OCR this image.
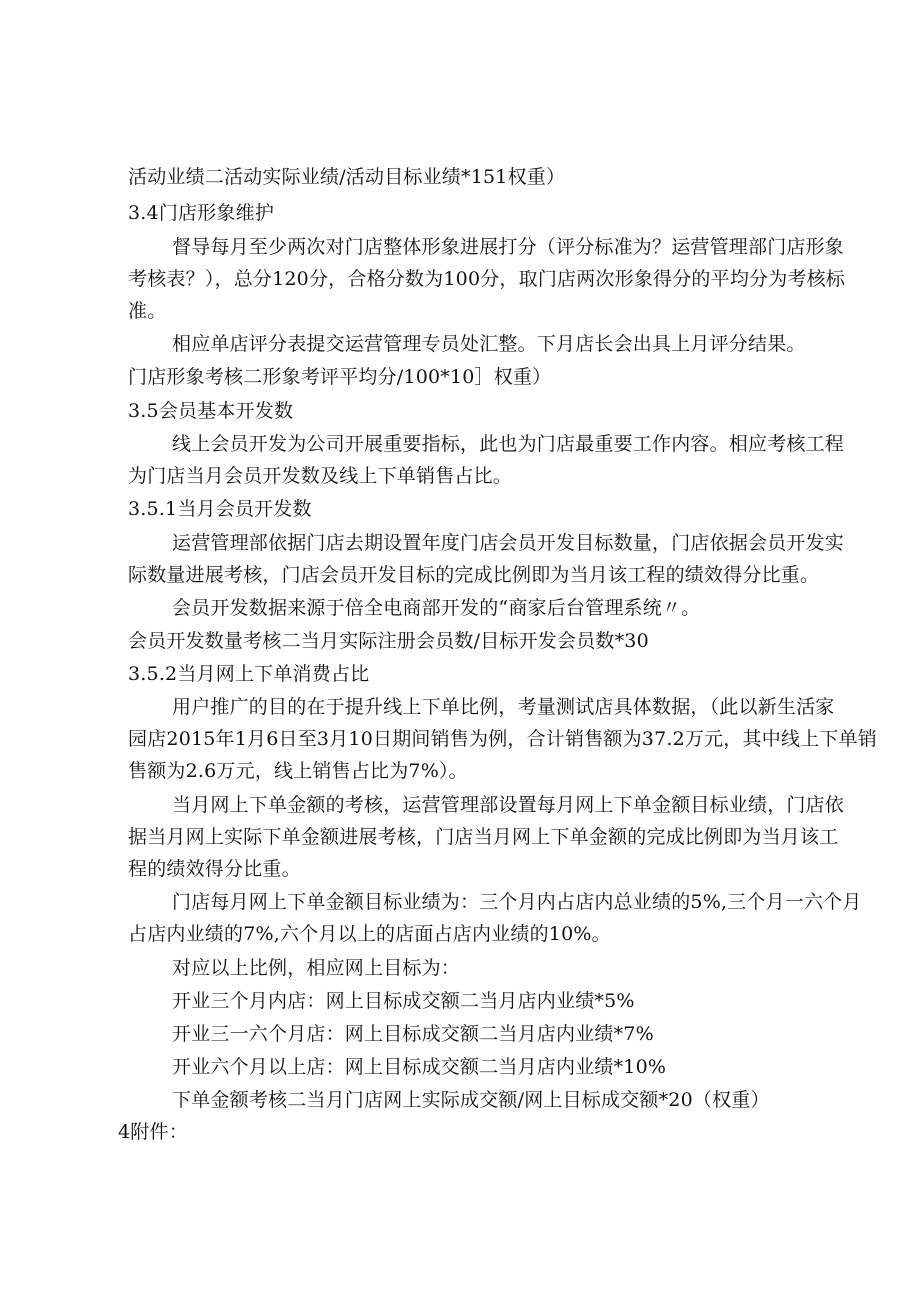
活动业绩二活动实际业绩/活动目标业绩*151权重）
3.4门店形象维护
督导每月至少两次对门店整体形象进展打分（评分标准为？运营管理部门店形象
考核表？），总分120分，合格分数为100分，取门店两次形象得分的平均分为考核标
准。
相应单店评分表提交运营管理专员处汇整。下月店长会出具上月评分结果。
门店形象考核二形象考评平均分/100*10］权重）
3.5会员基本开发数
线上会员开发为公司开展重要指标，此也为门店最重要工作内容。相应考核工程
为门店当月会员开发数及线上下单销售占比。
3.5.1当月会员开发数
运营管理部依据门店去期设置年度门店会员开发目标数量，门店依据会员开发实
际数量进展考核，门店会员开发目标的完成比例即为当月该工程的绩效得分比重。
会员开发数据来源于倍全电商部开发的“商家后台管理系统〃。
会员开发数量考核二当月实际注册会员数/目标开发会员数*30
3.5.2当月网上下单消费占比
用户推广的目的在于提升线上下单比例，考量测试店具体数据，（此以新生活家
园店2015年1月6日至3月10日期间销售为例，合计销售额为37.2万元，其中线上下单销
售额为2.6万元，线上销售占比为7%）。
当月网上下单金额的考核，运营管理部设置每月网上下单金额目标业绩，门店依
据当月网上实际下单金额进展考核，门店当月网上下单金额的完成比例即为当月该工
程的绩效得分比重。
门店每月网上下单金额目标业绩为：三个月内占店内总业绩的5%,三个月一六个月
占店内业绩的7%,六个月以上的店面占店内业绩的10%。
对应以上比例，相应网上目标为：
开业三个月内店：网上目标成交额二当月店内业绩*5%
开业三一六个月店：网上目标成交额二当月店内业绩*7%
开业六个月以上店：网上目标成交额二当月店内业绩*10%
下单金额考核二当月门店网上实际成交额/网上目标成交额*20（权重）
4附件：
